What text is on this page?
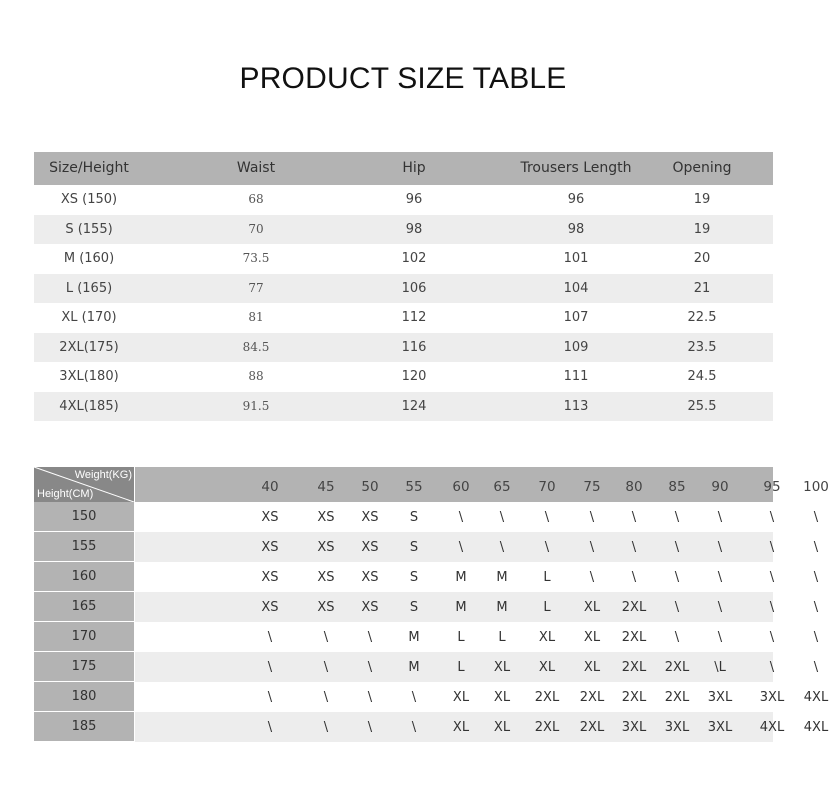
PRODUCT SIZE TABLE
Size/Height	Waist	Hip	Trousers Length	Opening
XS (150)	68	96	96	19
S (155)	70	98	98	19
M (160)	73.5	102	101	20
L (165)	77	106	104	21
XL (170)	81	112	107	22.5
2XL(175)	84.5	116	109	23.5
3XL(180)	88	120	111	24.5
4XL(185)	91.5	124	113	25.5
Weight(KG)
Height(CM)	40	45	50	55	60	65	70	75	80	85	90	95	100
150	XS	XS	XS	S	\	\	\	\	\	\	\	\	\
155	XS	XS	XS	S	\	\	\	\	\	\	\	\	\
160	XS	XS	XS	S	M	M	L	\	\	\	\	\	\
165	XS	XS	XS	S	M	M	L	XL	2XL	\	\	\	\
170	\	\	\	M	L	L	XL	XL	2XL	\	\	\	\
175	\	\	\	M	L	XL	XL	XL	2XL	2XL	\L	\	\
180	\	\	\	\	XL	XL	2XL	2XL	2XL	2XL	3XL	3XL	4XL
185	\	\	\	\	XL	XL	2XL	2XL	3XL	3XL	3XL	4XL	4XL
